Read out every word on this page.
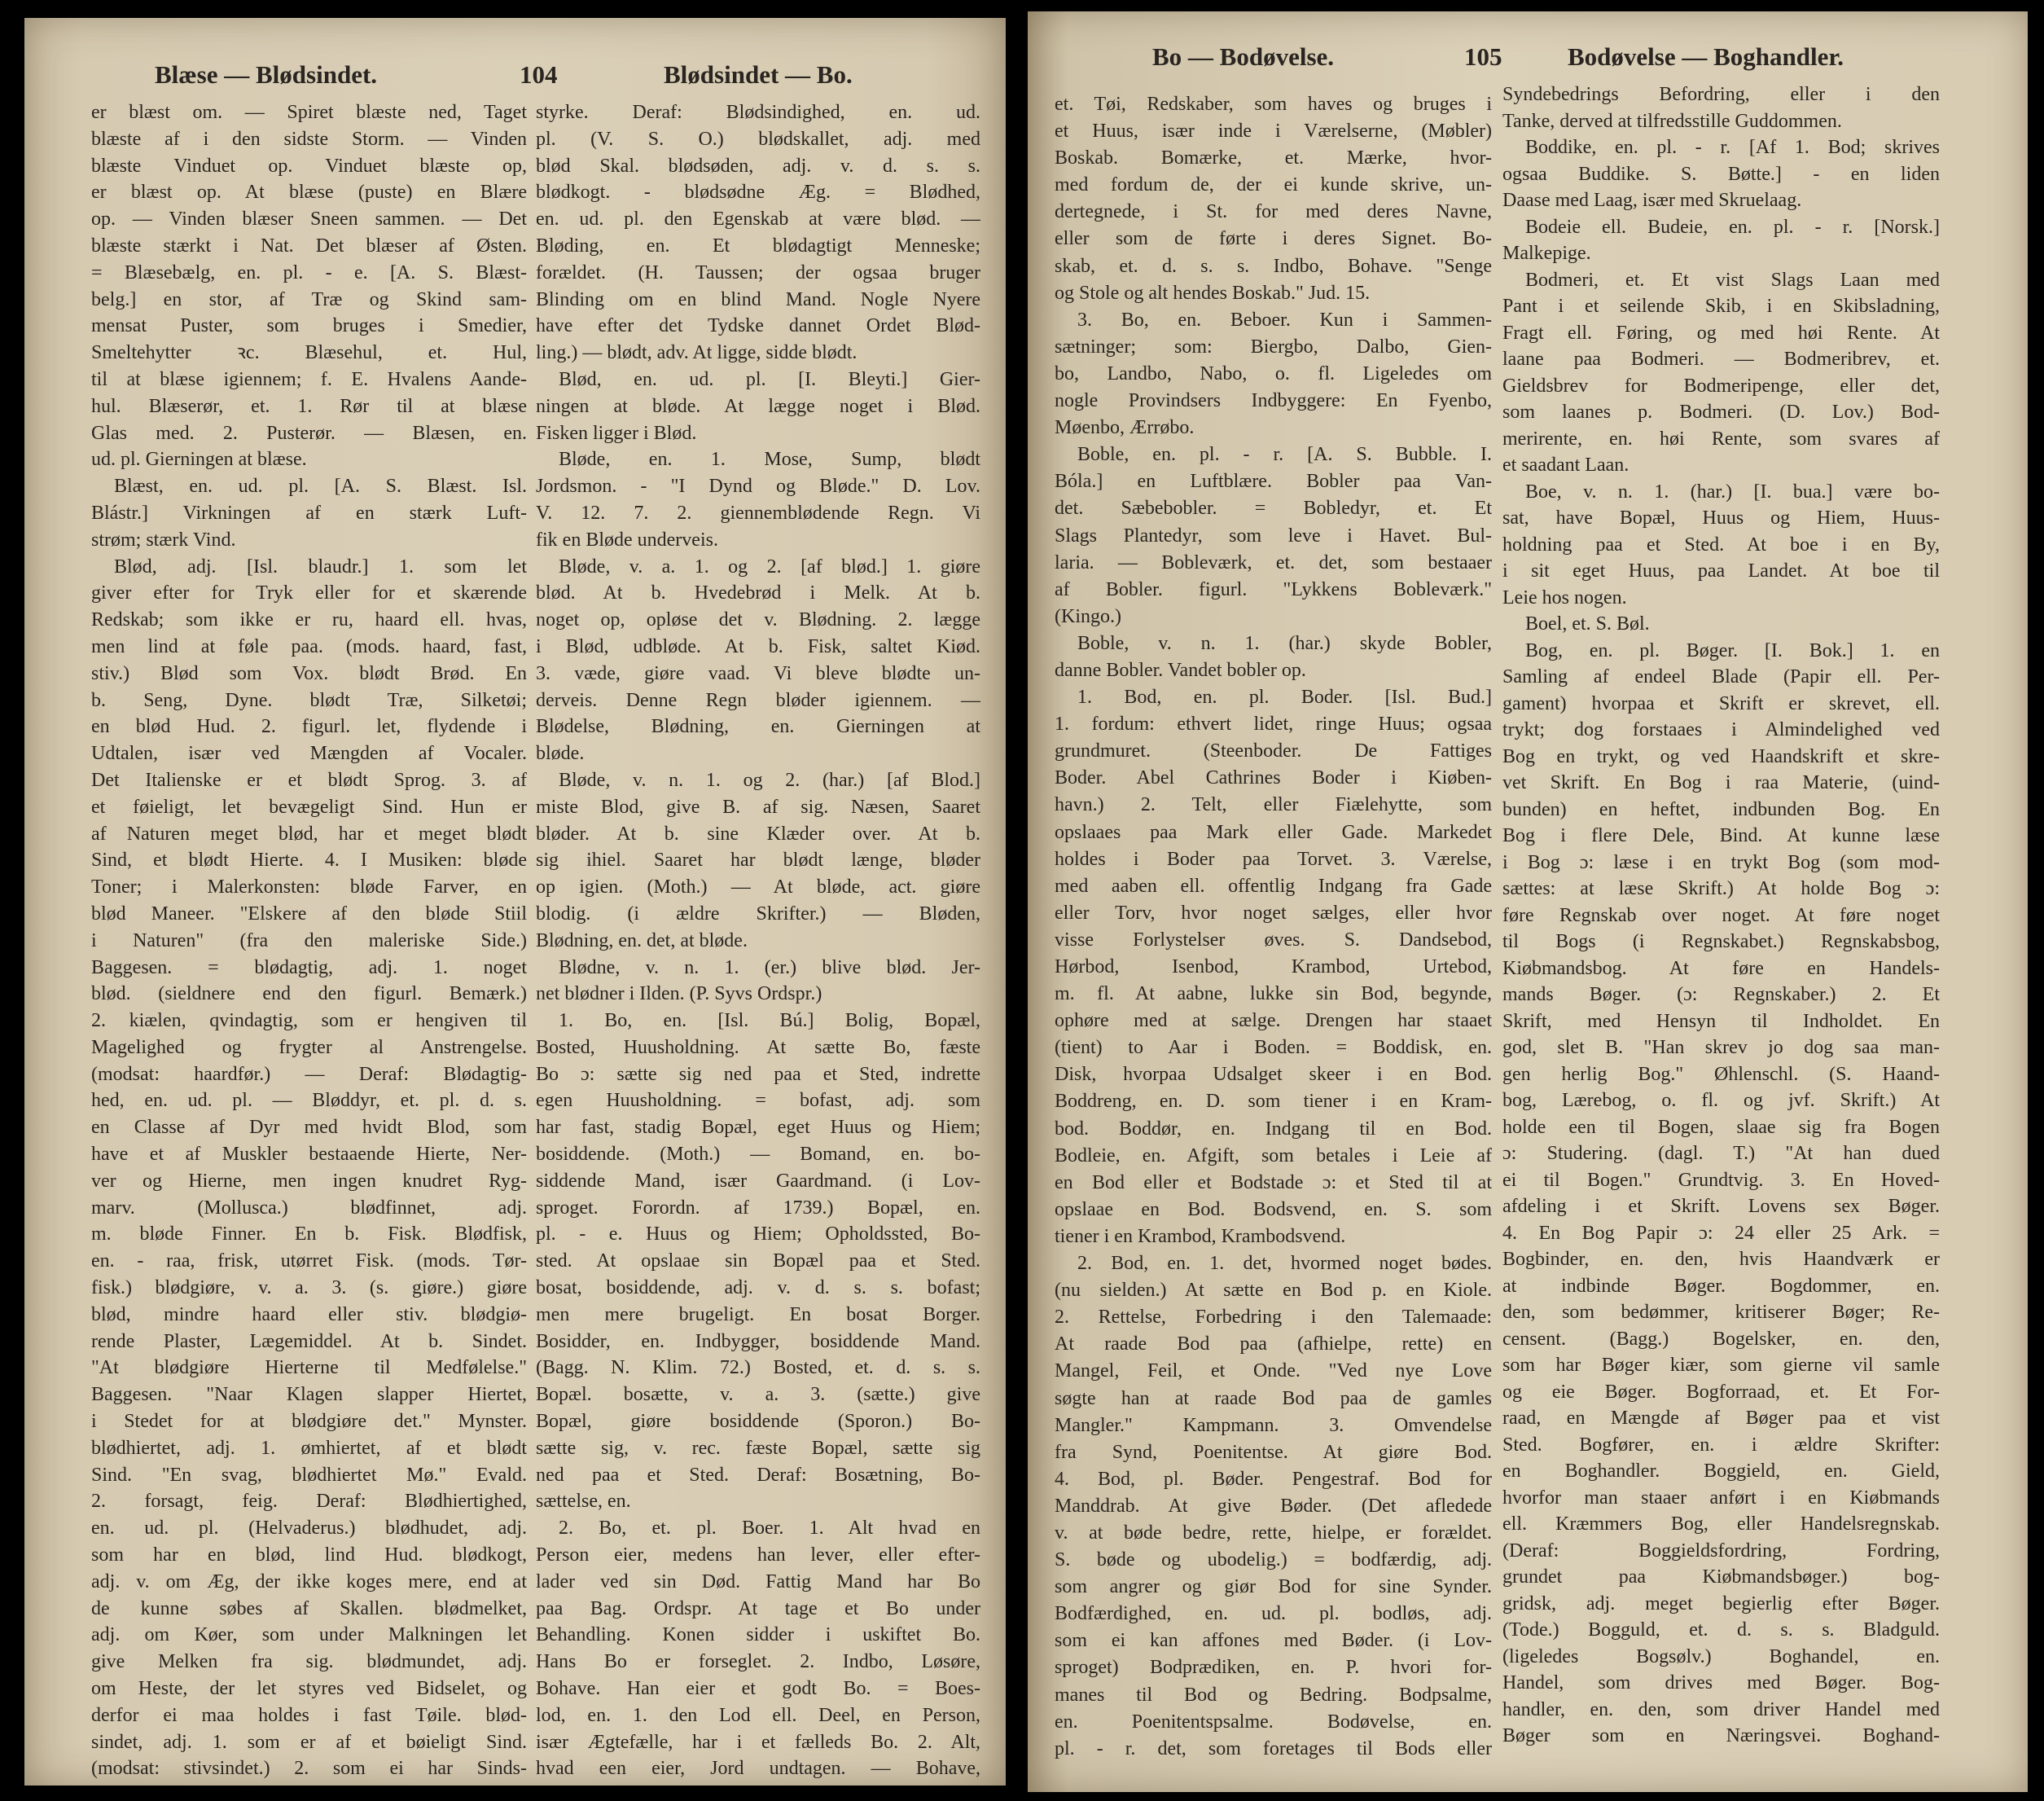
Blæse — Blødsindet.	104	Blødsindet — Bo.
er blæst om. — Spiret blæste ned, Taget
blæste af i den sidste Storm. — Vinden
blæste Vinduet op. Vinduet blæste op,
er blæst op. At blæse (puste) en Blære
op. — Vinden blæser Sneen sammen. — Det
blæste stærkt i Nat. Det blæser af Østen.
= Blæsebælg, en. pl. - e. [A. S. Blæst-
belg.] en stor, af Træ og Skind sam-
mensat Puster, som bruges i Smedier,
Smeltehytter ꝛc. Blæsehul, et. Hul,
til at blæse igiennem; f. E. Hvalens Aande-
hul. Blæserør, et. 1. Rør til at blæse
Glas med. 2. Pusterør. — Blæsen, en.
ud. pl. Gierningen at blæse.
Blæst, en. ud. pl. [A. S. Blæst. Isl.
Blástr.] Virkningen af en stærk Luft-
strøm; stærk Vind.
Blød, adj. [Isl. blaudr.] 1. som let
giver efter for Tryk eller for et skærende
Redskab; som ikke er ru, haard ell. hvas,
men lind at føle paa. (mods. haard, fast,
stiv.) Blød som Vox. blødt Brød. En
b. Seng, Dyne. blødt Træ, Silketøi;
en blød Hud. 2. figurl. let, flydende i
Udtalen, især ved Mængden af Vocaler.
Det Italienske er et blødt Sprog. 3. af
et føieligt, let bevægeligt Sind. Hun er
af Naturen meget blød, har et meget blødt
Sind, et blødt Hierte. 4. I Musiken: bløde
Toner; i Malerkonsten: bløde Farver, en
blød Maneer. "Elskere af den bløde Stiil
i Naturen" (fra den maleriske Side.)
Baggesen. = blødagtig, adj. 1. noget
blød. (sieldnere end den figurl. Bemærk.)
2. kiælen, qvindagtig, som er hengiven til
Magelighed og frygter al Anstrengelse.
(modsat: haardfør.) — Deraf: Blødagtig-
hed, en. ud. pl. — Bløddyr, et. pl. d. s.
en Classe af Dyr med hvidt Blod, som
have et af Muskler bestaaende Hierte, Ner-
ver og Hierne, men ingen knudret Ryg-
marv. (Mollusca.) blødfinnet, adj.
m. bløde Finner. En b. Fisk. Blødfisk,
en. - raa, frisk, utørret Fisk. (mods. Tør-
fisk.) blødgiøre, v. a. 3. (s. giøre.) giøre
blød, mindre haard eller stiv. blødgiø-
rende Plaster, Lægemiddel. At b. Sindet.
"At blødgiøre Hierterne til Medfølelse."
Baggesen. "Naar Klagen slapper Hiertet,
i Stedet for at blødgiøre det." Mynster.
blødhiertet, adj. 1. ømhiertet, af et blødt
Sind. "En svag, blødhiertet Mø." Evald.
2. forsagt, feig. Deraf: Blødhiertighed,
en. ud. pl. (Helvaderus.) blødhudet, adj.
som har en blød, lind Hud. blødkogt,
adj. v. om Æg, der ikke koges mere, end at
de kunne søbes af Skallen. blødmelket,
adj. om Køer, som under Malkningen let
give Melken fra sig. blødmundet, adj.
om Heste, der let styres ved Bidselet, og
derfor ei maa holdes i fast Tøile. blød-
sindet, adj. 1. som er af et bøieligt Sind.
(modsat: stivsindet.) 2. som ei har Sinds-
styrke. Deraf: Blødsindighed, en. ud.
pl. (V. S. O.) blødskallet, adj. med
blød Skal. blødsøden, adj. v. d. s. s.
blødkogt. - blødsødne Æg. = Blødhed,
en. ud. pl. den Egenskab at være blød. —
Bløding, en. Et blødagtigt Menneske;
forældet. (H. Taussen; der ogsaa bruger
Blinding om en blind Mand. Nogle Nyere
have efter det Tydske dannet Ordet Blød-
ling.) — blødt, adv. At ligge, sidde blødt.
Blød, en. ud. pl. [I. Bleyti.] Gier-
ningen at bløde. At lægge noget i Blød.
Fisken ligger i Blød.
Bløde, en. 1. Mose, Sump, blødt
Jordsmon. - "I Dynd og Bløde." D. Lov.
V. 12. 7. 2. giennemblødende Regn. Vi
fik en Bløde underveis.
Bløde, v. a. 1. og 2. [af blød.] 1. giøre
blød. At b. Hvedebrød i Melk. At b.
noget op, opløse det v. Blødning. 2. lægge
i Blød, udbløde. At b. Fisk, saltet Kiød.
3. væde, giøre vaad. Vi bleve blødte un-
derveis. Denne Regn bløder igiennem. —
Blødelse, Blødning, en. Gierningen at
bløde.
Bløde, v. n. 1. og 2. (har.) [af Blod.]
miste Blod, give B. af sig. Næsen, Saaret
bløder. At b. sine Klæder over. At b.
sig ihiel. Saaret har blødt længe, bløder
op igien. (Moth.) — At bløde, act. giøre
blodig. (i ældre Skrifter.) — Bløden,
Blødning, en. det, at bløde.
Blødne, v. n. 1. (er.) blive blød. Jer-
net blødner i Ilden. (P. Syvs Ordspr.)
1. Bo, en. [Isl. Bú.] Bolig, Bopæl,
Bosted, Huusholdning. At sætte Bo, fæste
Bo ɔ: sætte sig ned paa et Sted, indrette
egen Huusholdning. = bofast, adj. som
har fast, stadig Bopæl, eget Huus og Hiem;
bosiddende. (Moth.) — Bomand, en. bo-
siddende Mand, især Gaardmand. (i Lov-
sproget. Forordn. af 1739.) Bopæl, en.
pl. - e. Huus og Hiem; Opholdssted, Bo-
sted. At opslaae sin Bopæl paa et Sted.
bosat, bosiddende, adj. v. d. s. s. bofast;
men mere brugeligt. En bosat Borger.
Bosidder, en. Indbygger, bosiddende Mand.
(Bagg. N. Klim. 72.) Bosted, et. d. s. s.
Bopæl. bosætte, v. a. 3. (sætte.) give
Bopæl, giøre bosiddende (Sporon.) Bo-
sætte sig, v. rec. fæste Bopæl, sætte sig
ned paa et Sted. Deraf: Bosætning, Bo-
sættelse, en.
2. Bo, et. pl. Boer. 1. Alt hvad en
Person eier, medens han lever, eller efter-
lader ved sin Død. Fattig Mand har Bo
paa Bag. Ordspr. At tage et Bo under
Behandling. Konen sidder i uskiftet Bo.
Hans Bo er forseglet. 2. Indbo, Løsøre,
Bohave. Han eier et godt Bo. = Boes-
lod, en. 1. den Lod ell. Deel, en Person,
især Ægtefælle, har i et fælleds Bo. 2. Alt,
hvad een eier, Jord undtagen. — Bohave,
Bo — Bodøvelse.	105	Bodøvelse — Boghandler.
et. Tøi, Redskaber, som haves og bruges i
et Huus, især inde i Værelserne, (Møbler)
Boskab. Bomærke, et. Mærke, hvor-
med fordum de, der ei kunde skrive, un-
dertegnede, i St. for med deres Navne,
eller som de førte i deres Signet. Bo-
skab, et. d. s. s. Indbo, Bohave. "Senge
og Stole og alt hendes Boskab." Jud. 15.
3. Bo, en. Beboer. Kun i Sammen-
sætninger; som: Biergbo, Dalbo, Gien-
bo, Landbo, Nabo, o. fl. Ligeledes om
nogle Provindsers Indbyggere: En Fyenbo,
Møenbo, Ærrøbo.
Boble, en. pl. - r. [A. S. Bubble. I.
Bóla.] en Luftblære. Bobler paa Van-
det. Sæbebobler. = Bobledyr, et. Et
Slags Plantedyr, som leve i Havet. Bul-
laria. — Bobleværk, et. det, som bestaaer
af Bobler. figurl. "Lykkens Bobleværk."
(Kingo.)
Boble, v. n. 1. (har.) skyde Bobler,
danne Bobler. Vandet bobler op.
1. Bod, en. pl. Boder. [Isl. Bud.]
1. fordum: ethvert lidet, ringe Huus; ogsaa
grundmuret. (Steenboder. De Fattiges
Boder. Abel Cathrines Boder i Kiøben-
havn.) 2. Telt, eller Fiælehytte, som
opslaaes paa Mark eller Gade. Markedet
holdes i Boder paa Torvet. 3. Værelse,
med aaben ell. offentlig Indgang fra Gade
eller Torv, hvor noget sælges, eller hvor
visse Forlystelser øves. S. Dandsebod,
Hørbod, Isenbod, Krambod, Urtebod,
m. fl. At aabne, lukke sin Bod, begynde,
ophøre med at sælge. Drengen har staaet
(tient) to Aar i Boden. = Boddisk, en.
Disk, hvorpaa Udsalget skeer i en Bod.
Boddreng, en. D. som tiener i en Kram-
bod. Boddør, en. Indgang til en Bod.
Bodleie, en. Afgift, som betales i Leie af
en Bod eller et Bodstade ɔ: et Sted til at
opslaae en Bod. Bodsvend, en. S. som
tiener i en Krambod, Krambodsvend.
2. Bod, en. 1. det, hvormed noget bødes.
(nu sielden.) At sætte en Bod p. en Kiole.
2. Rettelse, Forbedring i den Talemaade:
At raade Bod paa (afhielpe, rette) en
Mangel, Feil, et Onde. "Ved nye Love
søgte han at raade Bod paa de gamles
Mangler." Kampmann. 3. Omvendelse
fra Synd, Poenitentse. At giøre Bod.
4. Bod, pl. Bøder. Pengestraf. Bod for
Manddrab. At give Bøder. (Det afledede
v. at bøde bedre, rette, hielpe, er forældet.
S. bøde og ubodelig.) = bodfærdig, adj.
som angrer og giør Bod for sine Synder.
Bodfærdighed, en. ud. pl. bodløs, adj.
som ei kan affones med Bøder. (i Lov-
sproget) Bodprædiken, en. P. hvori for-
manes til Bod og Bedring. Bodpsalme,
en. Poenitentspsalme. Bodøvelse, en.
pl. - r. det, som foretages til Bods eller
Syndebedrings Befordring, eller i den
Tanke, derved at tilfredsstille Guddommen.
Boddike, en. pl. - r. [Af 1. Bod; skrives
ogsaa Buddike. S. Bøtte.] - en liden
Daase med Laag, især med Skruelaag.
Bodeie ell. Budeie, en. pl. - r. [Norsk.]
Malkepige.
Bodmeri, et. Et vist Slags Laan med
Pant i et seilende Skib, i en Skibsladning,
Fragt ell. Føring, og med høi Rente. At
laane paa Bodmeri. — Bodmeribrev, et.
Gieldsbrev for Bodmeripenge, eller det,
som laanes p. Bodmeri. (D. Lov.) Bod-
merirente, en. høi Rente, som svares af
et saadant Laan.
Boe, v. n. 1. (har.) [I. bua.] være bo-
sat, have Bopæl, Huus og Hiem, Huus-
holdning paa et Sted. At boe i en By,
i sit eget Huus, paa Landet. At boe til
Leie hos nogen.
Boel, et. S. Bøl.
Bog, en. pl. Bøger. [I. Bok.] 1. en
Samling af endeel Blade (Papir ell. Per-
gament) hvorpaa et Skrift er skrevet, ell.
trykt; dog forstaaes i Almindelighed ved
Bog en trykt, og ved Haandskrift et skre-
vet Skrift. En Bog i raa Materie, (uind-
bunden) en heftet, indbunden Bog. En
Bog i flere Dele, Bind. At kunne læse
i Bog ɔ: læse i en trykt Bog (som mod-
sættes: at læse Skrift.) At holde Bog ɔ:
føre Regnskab over noget. At føre noget
til Bogs (i Regnskabet.) Regnskabsbog,
Kiøbmandsbog. At føre en Handels-
mands Bøger. (ɔ: Regnskaber.) 2. Et
Skrift, med Hensyn til Indholdet. En
god, slet B. "Han skrev jo dog saa man-
gen herlig Bog." Øhlenschl. (S. Haand-
bog, Lærebog, o. fl. og jvf. Skrift.) At
holde een til Bogen, slaae sig fra Bogen
ɔ: Studering. (dagl. T.) "At han dued
ei til Bogen." Grundtvig. 3. En Hoved-
afdeling i et Skrift. Lovens sex Bøger.
4. En Bog Papir ɔ: 24 eller 25 Ark. =
Bogbinder, en. den, hvis Haandværk er
at indbinde Bøger. Bogdommer, en.
den, som bedømmer, kritiserer Bøger; Re-
censent. (Bagg.) Bogelsker, en. den,
som har Bøger kiær, som gierne vil samle
og eie Bøger. Bogforraad, et. Et For-
raad, en Mængde af Bøger paa et vist
Sted. Bogfører, en. i ældre Skrifter:
en Boghandler. Boggield, en. Gield,
hvorfor man staaer anført i en Kiøbmands
ell. Kræmmers Bog, eller Handelsregnskab.
(Deraf: Boggieldsfordring, Fordring,
grundet paa Kiøbmandsbøger.) bog-
gridsk, adj. meget begierlig efter Bøger.
(Tode.) Bogguld, et. d. s. s. Bladguld.
(ligeledes Bogsølv.) Boghandel, en.
Handel, som drives med Bøger. Bog-
handler, en. den, som driver Handel med
Bøger som en Næringsvei. Boghand-
